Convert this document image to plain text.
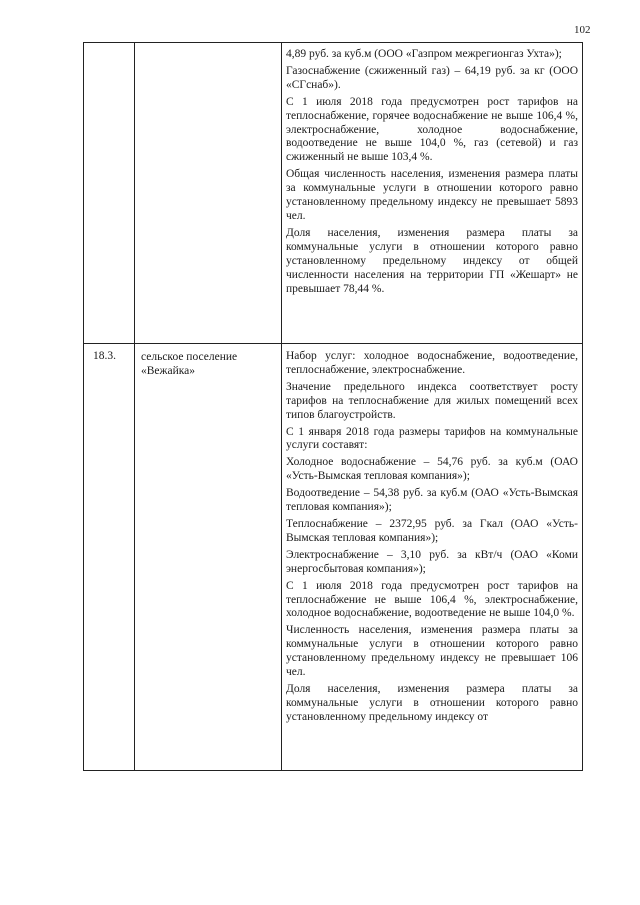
102

4,89 руб. за куб.м (ООО «Газпром межрегионгаз Ухта»);

Газоснабжение (сжиженный газ) – 64,19 руб. за кг (ООО «СГснаб»).

С 1 июля 2018 года предусмотрен рост тарифов на теплоснабжение, горячее водоснабжение не выше 106,4 %, электроснабжение, холодное водоснабжение, водоотведение не выше 104,0 %, газ (сетевой) и газ сжиженный не выше 103,4 %.

Общая численность населения, изменения размера платы за коммунальные услуги в отношении которого равно установленному предельному индексу не превышает 5893 чел.

Доля населения, изменения размера платы за коммунальные услуги в отношении которого равно установленному предельному индексу от общей численности населения на территории ГП «Жешарт» не превышает 78,44 %.

18.3. сельское поселение «Вежайка»

Набор услуг: холодное водоснабжение, водоотведение, теплоснабжение, электроснабжение.

Значение предельного индекса соответствует росту тарифов на теплоснабжение для жилых помещений всех типов благоустройств.

С 1 января 2018 года размеры тарифов на коммунальные услуги составят:

Холодное водоснабжение – 54,76 руб. за куб.м (ОАО «Усть-Вымская тепловая компания»);

Водоотведение – 54,38 руб. за куб.м (ОАО «Усть-Вымская тепловая компания»);

Теплоснабжение – 2372,95 руб. за Гкал (ОАО «Усть-Вымская тепловая компания»);

Электроснабжение – 3,10 руб. за кВт/ч (ОАО «Коми энергосбытовая компания»);

С 1 июля 2018 года предусмотрен рост тарифов на теплоснабжение не выше 106,4 %, электроснабжение, холодное водоснабжение, водоотведение не выше 104,0 %.

Численность населения, изменения размера платы за коммунальные услуги в отношении которого равно установленному предельному индексу не превышает 106 чел.

Доля населения, изменения размера платы за коммунальные услуги в отношении которого равно установленному предельному индексу от
